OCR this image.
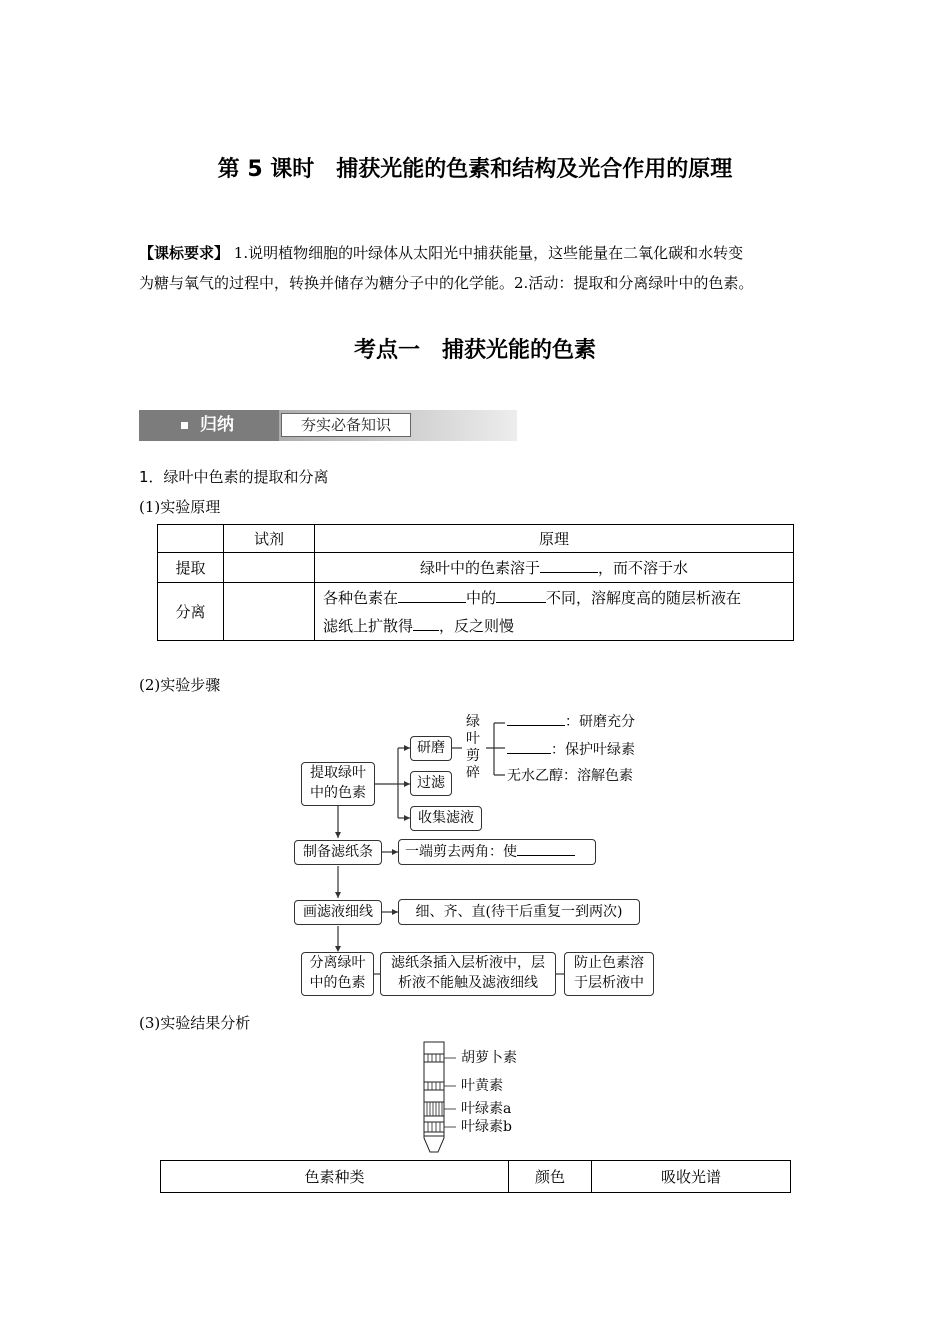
第 5 课时　捕获光能的色素和结构及光合作用的原理
【课标要求】 1.说明植物细胞的叶绿体从太阳光中捕获能量，这些能量在二氧化碳和水转变
为糖与氧气的过程中，转换并储存为糖分子中的化学能。2.活动：提取和分离绿叶中的色素。
考点一　捕获光能的色素
归纳	夯实必备知识
1．绿叶中色素的提取和分离
(1)实验原理
	试剂	原理
提取		绿叶中的色素溶于 ，而不溶于水
分离		各种色素在 中的 不同，溶解度高的随层析液在
滤纸上扩散得 ，反之则慢
(2)实验步骤
提取绿叶
中的色素
研磨
过滤
收集滤液
绿
叶
剪
碎
：研磨充分
：保护叶绿素
无水乙醇：溶解色素
制备滤纸条	一端剪去两角：使
画滤液细线	细、齐、直(待干后重复一到两次)
分离绿叶
中的色素
滤纸条插入层析液中，层
析液不能触及滤液细线
防止色素溶
于层析液中
(3)实验结果分析
胡萝卜素
叶黄素
叶绿素a
叶绿素b
色素种类	颜色	吸收光谱
